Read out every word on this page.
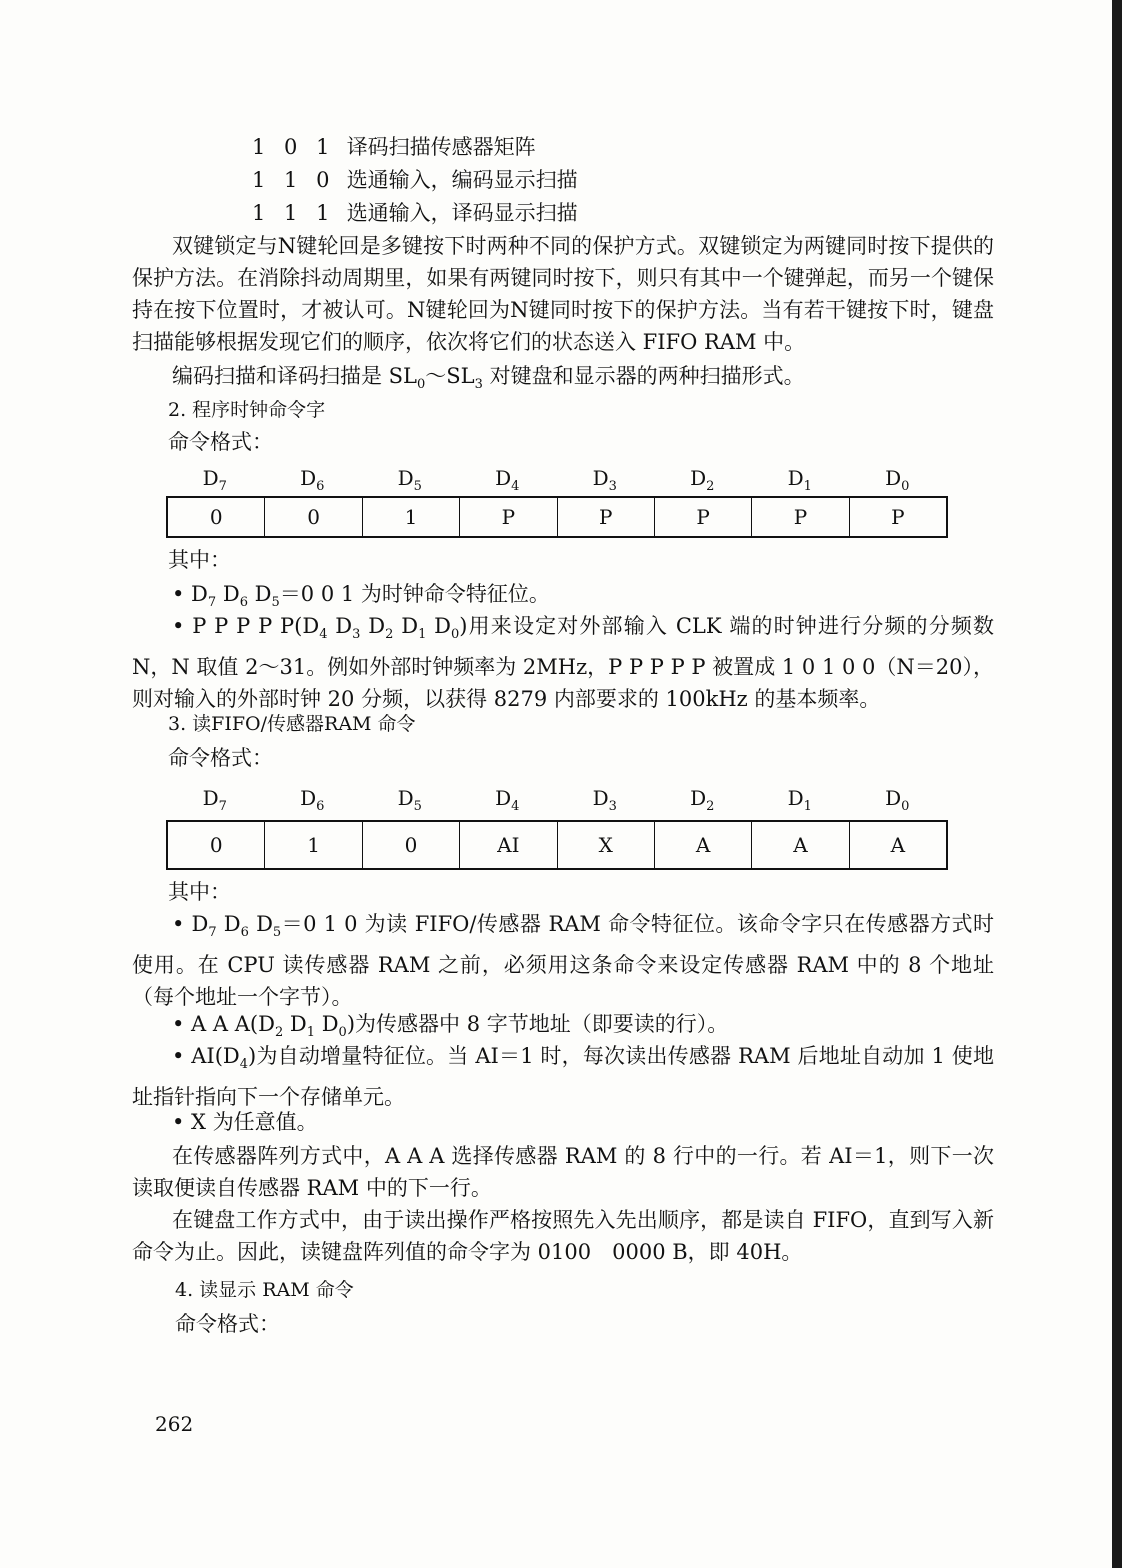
1 0 1 译码扫描传感器矩阵
1 1 0 选通输入，编码显示扫描
1 1 1 选通输入，译码显示扫描
双键锁定与N键轮回是多键按下时两种不同的保护方式。双键锁定为两键同时按下提供的保护方法。在消除抖动周期里，如果有两键同时按下，则只有其中一个键弹起，而另一个键保持在按下位置时，才被认可。N键轮回为N键同时按下的保护方法。当有若干键按下时，键盘扫描能够根据发现它们的顺序，依次将它们的状态送入 FIFO RAM 中。
编码扫描和译码扫描是 $SL_0\sim SL_3$ 对键盘和显示器的两种扫描形式。
2. 程序时钟命令字
命令格式：
$D_7$	$D_6$	$D_5$	$D_4$	$D_3$	$D_2$	$D_1$	$D_0$
0	0	1	P	P	P	P	P
其中：
• $D_7$ $D_6$ $D_5=0$ 0 1 为时钟命令特征位。
• P P P P $P(D_4$ $D_3$ $D_2$ $D_1$ $D_0$)用来设定对外部输入 CLK 端的时钟进行分频的分频数 N，N 取值 2～31。例如外部时钟频率为 2MHz，P P P P P 被置成 1 0 1 0 0（N＝20），则对输入的外部时钟 20 分频，以获得 8279 内部要求的 100kHz 的基本频率。
3. 读FIFO/传感器RAM 命令
命令格式：
$D_7$	$D_6$	$D_5$	$D_4$	$D_3$	$D_2$	$D_1$	$D_0$
0	1	0	AI	X	A	A	A
其中：
• $D_7$ $D_6$ $D_5=0$ 1 0 为读 FIFO/传感器 RAM 命令特征位。该命令字只在传感器方式时使用。在 CPU 读传感器 RAM 之前，必须用这条命令来设定传感器 RAM 中的 8 个地址（每个地址一个字节）。
• A A $A(D_2$ $D_1$ $D_0$)为传感器中 8 字节地址（即要读的行）。
• $AI(D_4)$为自动增量特征位。当 AI＝1 时，每次读出传感器 RAM 后地址自动加 1 使地址指针指向下一个存储单元。
• X 为任意值。
在传感器阵列方式中，A A A 选择传感器 RAM 的 8 行中的一行。若 AI＝1，则下一次读取便读自传感器 RAM 中的下一行。
在键盘工作方式中，由于读出操作严格按照先入先出顺序，都是读自 FIFO，直到写入新命令为止。因此，读键盘阵列值的命令字为 0100　0000 B，即 40H。
4. 读显示 RAM 命令
命令格式：
262
